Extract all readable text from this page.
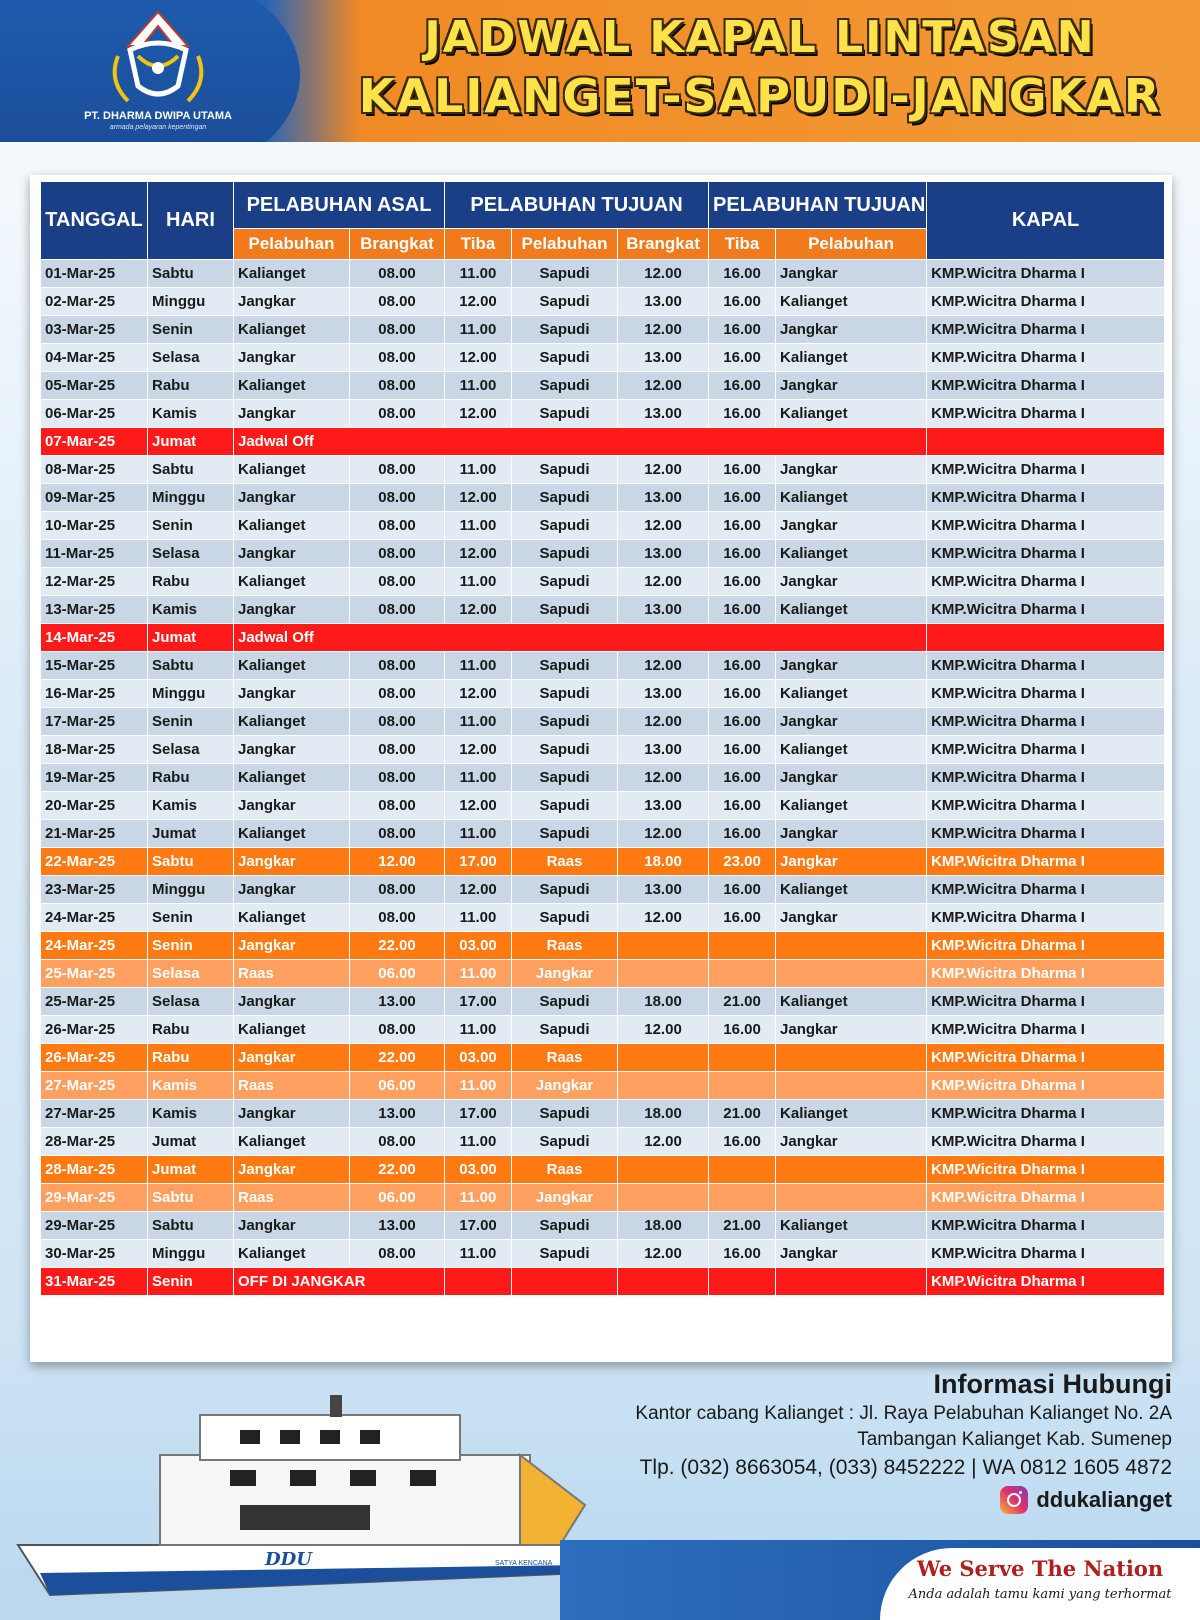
PT. DHARMA DWIPA UTAMA
armada pelayaran kepentingan
JADWAL KAPAL LINTASAN
KALIANGET-SAPUDI-JANGKAR
TANGGAL	HARI	PELABUHAN ASAL		PELABUHAN TUJUAN			PELABUHAN TUJUAN		KAPAL
		Pelabuhan	Brangkat	Tiba	Pelabuhan	Brangkat	Tiba	Pelabuhan	
01-Mar-25	Sabtu	Kalianget	08.00	11.00	Sapudi	12.00	16.00	Jangkar	KMP.Wicitra Dharma I
02-Mar-25	Minggu	Jangkar	08.00	12.00	Sapudi	13.00	16.00	Kalianget	KMP.Wicitra Dharma I
03-Mar-25	Senin	Kalianget	08.00	11.00	Sapudi	12.00	16.00	Jangkar	KMP.Wicitra Dharma I
04-Mar-25	Selasa	Jangkar	08.00	12.00	Sapudi	13.00	16.00	Kalianget	KMP.Wicitra Dharma I
05-Mar-25	Rabu	Kalianget	08.00	11.00	Sapudi	12.00	16.00	Jangkar	KMP.Wicitra Dharma I
06-Mar-25	Kamis	Jangkar	08.00	12.00	Sapudi	13.00	16.00	Kalianget	KMP.Wicitra Dharma I
07-Mar-25	Jumat	Jadwal Off							
08-Mar-25	Sabtu	Kalianget	08.00	11.00	Sapudi	12.00	16.00	Jangkar	KMP.Wicitra Dharma I
09-Mar-25	Minggu	Jangkar	08.00	12.00	Sapudi	13.00	16.00	Kalianget	KMP.Wicitra Dharma I
10-Mar-25	Senin	Kalianget	08.00	11.00	Sapudi	12.00	16.00	Jangkar	KMP.Wicitra Dharma I
11-Mar-25	Selasa	Jangkar	08.00	12.00	Sapudi	13.00	16.00	Kalianget	KMP.Wicitra Dharma I
12-Mar-25	Rabu	Kalianget	08.00	11.00	Sapudi	12.00	16.00	Jangkar	KMP.Wicitra Dharma I
13-Mar-25	Kamis	Jangkar	08.00	12.00	Sapudi	13.00	16.00	Kalianget	KMP.Wicitra Dharma I
14-Mar-25	Jumat	Jadwal Off							
15-Mar-25	Sabtu	Kalianget	08.00	11.00	Sapudi	12.00	16.00	Jangkar	KMP.Wicitra Dharma I
16-Mar-25	Minggu	Jangkar	08.00	12.00	Sapudi	13.00	16.00	Kalianget	KMP.Wicitra Dharma I
17-Mar-25	Senin	Kalianget	08.00	11.00	Sapudi	12.00	16.00	Jangkar	KMP.Wicitra Dharma I
18-Mar-25	Selasa	Jangkar	08.00	12.00	Sapudi	13.00	16.00	Kalianget	KMP.Wicitra Dharma I
19-Mar-25	Rabu	Kalianget	08.00	11.00	Sapudi	12.00	16.00	Jangkar	KMP.Wicitra Dharma I
20-Mar-25	Kamis	Jangkar	08.00	12.00	Sapudi	13.00	16.00	Kalianget	KMP.Wicitra Dharma I
21-Mar-25	Jumat	Kalianget	08.00	11.00	Sapudi	12.00	16.00	Jangkar	KMP.Wicitra Dharma I
22-Mar-25	Sabtu	Jangkar	12.00	17.00	Raas	18.00	23.00	Jangkar	KMP.Wicitra Dharma I
23-Mar-25	Minggu	Jangkar	08.00	12.00	Sapudi	13.00	16.00	Kalianget	KMP.Wicitra Dharma I
24-Mar-25	Senin	Kalianget	08.00	11.00	Sapudi	12.00	16.00	Jangkar	KMP.Wicitra Dharma I
24-Mar-25	Senin	Jangkar	22.00	03.00	Raas				KMP.Wicitra Dharma I
25-Mar-25	Selasa	Raas	06.00	11.00	Jangkar				KMP.Wicitra Dharma I
25-Mar-25	Selasa	Jangkar	13.00	17.00	Sapudi	18.00	21.00	Kalianget	KMP.Wicitra Dharma I
26-Mar-25	Rabu	Kalianget	08.00	11.00	Sapudi	12.00	16.00	Jangkar	KMP.Wicitra Dharma I
26-Mar-25	Rabu	Jangkar	22.00	03.00	Raas				KMP.Wicitra Dharma I
27-Mar-25	Kamis	Raas	06.00	11.00	Jangkar				KMP.Wicitra Dharma I
27-Mar-25	Kamis	Jangkar	13.00	17.00	Sapudi	18.00	21.00	Kalianget	KMP.Wicitra Dharma I
28-Mar-25	Jumat	Kalianget	08.00	11.00	Sapudi	12.00	16.00	Jangkar	KMP.Wicitra Dharma I
28-Mar-25	Jumat	Jangkar	22.00	03.00	Raas				KMP.Wicitra Dharma I
29-Mar-25	Sabtu	Raas	06.00	11.00	Jangkar				KMP.Wicitra Dharma I
29-Mar-25	Sabtu	Jangkar	13.00	17.00	Sapudi	18.00	21.00	Kalianget	KMP.Wicitra Dharma I
30-Mar-25	Minggu	Kalianget	08.00	11.00	Sapudi	12.00	16.00	Jangkar	KMP.Wicitra Dharma I
31-Mar-25	Senin	OFF DI JANGKAR							KMP.Wicitra Dharma I
DDU	SATYA KENCANA
Informasi Hubungi
Kantor cabang Kalianget : Jl. Raya Pelabuhan Kalianget No. 2A
Tambangan Kalianget Kab. Sumenep
Tlp. (032) 8663054, (033) 8452222 | WA 0812 1605 4872
ddukalianget
We Serve The Nation
Anda adalah tamu kami yang terhormat
